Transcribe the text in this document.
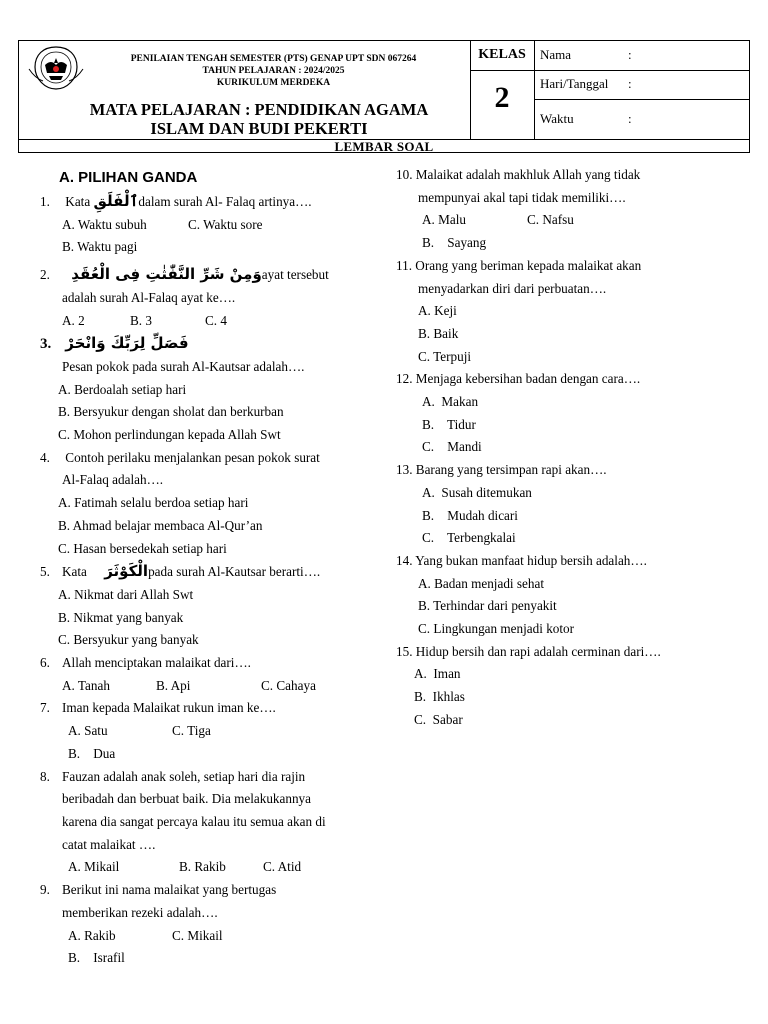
PENILAIAN TENGAH SEMESTER (PTS) GENAP UPT SDN 067264
TAHUN PELAJARAN : 2024/2025
KURIKULUM MERDEKA
MATA PELAJARAN : PENDIDIKAN AGAMA
ISLAM DAN BUDI PEKERTI
KELAS
2
Nama	:
Hari/Tanggal :
Waktu	:
LEMBAR SOAL
A. PILIHAN GANDA
1. Kata ٱلْفَلَقِdalam surah Al- Falaq artinya….
A. Waktu subuh	C. Waktu sore
B. Waktu pagi
2. وَمِنْ شَرِّ النَّفّٰثٰتِ فِى الْعُقَدِayat tersebut
adalah surah Al-Falaq ayat ke….
A. 2	B. 3	C. 4
3. فَصَلِّ لِرَبِّكَ وَانْحَرْ
Pesan pokok pada surah Al-Kautsar adalah….
A. Berdoalah setiap hari
B. Bersyukur dengan sholat dan berkurban
C. Mohon perlindungan kepada Allah Swt
4. Contoh perilaku menjalankan pesan pokok surat
Al-Falaq adalah….
A. Fatimah selalu berdoa setiap hari
B. Ahmad belajar membaca Al-Qur’an
C. Hasan bersedekah setiap hari
5. Kata الْكَوْثَرَpada surah Al-Kautsar berarti….
A. Nikmat dari Allah Swt
B. Nikmat yang banyak
C. Bersyukur yang banyak
6. Allah menciptakan malaikat dari….
A. Tanah	B. Api	C. Cahaya
7. Iman kepada Malaikat rukun iman ke….
A. Satu	C. Tiga
B.    Dua
8. Fauzan adalah anak soleh, setiap hari dia rajin
beribadah dan berbuat baik. Dia melakukannya
karena dia sangat percaya kalau itu semua akan di
catat malaikat ….
A. Mikail	B. Rakib	C. Atid
9. Berikut ini nama malaikat yang bertugas
memberikan rezeki adalah….
A. Rakib	C. Mikail
B.    Israfil
10. Malaikat adalah makhluk Allah yang tidak
mempunyai akal tapi tidak memiliki….
A. Malu	C. Nafsu
B.    Sayang
11. Orang yang beriman kepada malaikat akan
menyadarkan diri dari perbuatan….
A. Keji
B. Baik
C. Terpuji
12. Menjaga kebersihan badan dengan cara….
A.  Makan
B.    Tidur
C.    Mandi
13. Barang yang tersimpan rapi akan….
A.  Susah ditemukan
B.    Mudah dicari
C.    Terbengkalai
14. Yang bukan manfaat hidup bersih adalah….
A. Badan menjadi sehat
B. Terhindar dari penyakit
C. Lingkungan menjadi kotor
15. Hidup bersih dan rapi adalah cerminan dari….
A.  Iman
B.  Ikhlas
C.  Sabar
